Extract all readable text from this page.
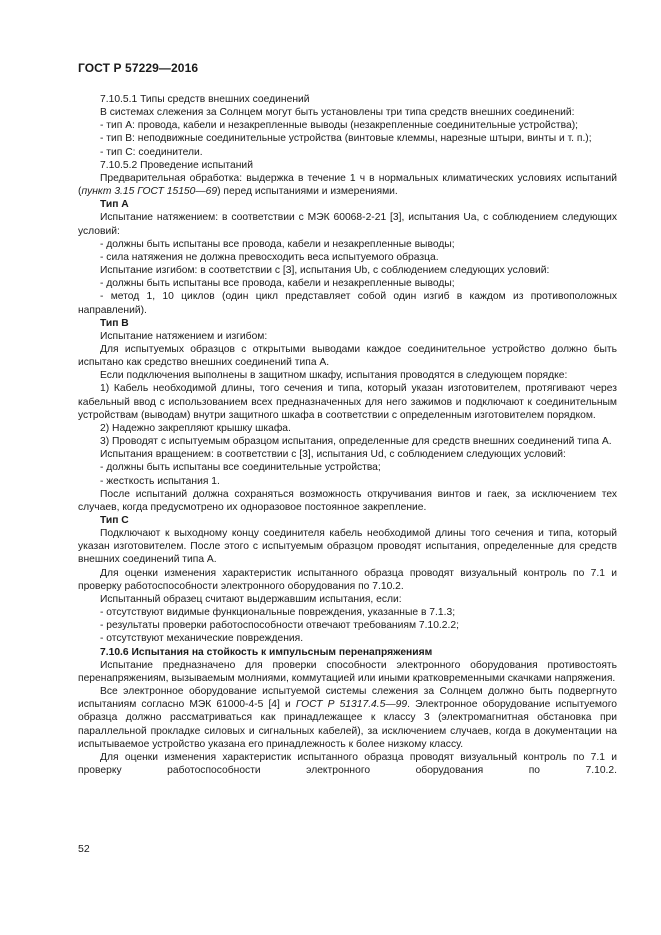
ГОСТ Р 57229—2016

7.10.5.1 Типы средств внешних соединений

В системах слежения за Солнцем могут быть установлены три типа средств внешних соединений:

- тип А: провода, кабели и незакрепленные выводы (незакрепленные соединительные устройства);

- тип В: неподвижные соединительные устройства (винтовые клеммы, нарезные штыри, винты и т. п.);

- тип С: соединители.

7.10.5.2 Проведение испытаний

Предварительная обработка: выдержка в течение 1 ч в нормальных климатических условиях испытаний (пункт 3.15 ГОСТ 15150—69) перед испытаниями и измерениями.

Тип А

Испытание натяжением: в соответствии с МЭК 60068-2-21 [3], испытания Ua, с соблюдением следующих условий:

- должны быть испытаны все провода, кабели и незакрепленные выводы;

- сила натяжения не должна превосходить веса испытуемого образца.

Испытание изгибом: в соответствии с [3], испытания Ub, с соблюдением следующих условий:

- должны быть испытаны все провода, кабели и незакрепленные выводы;

- метод 1, 10 циклов (один цикл представляет собой один изгиб в каждом из противоположных направлений).

Тип В

Испытание натяжением и изгибом:

Для испытуемых образцов с открытыми выводами каждое соединительное устройство должно быть испытано как средство внешних соединений типа А.

Если подключения выполнены в защитном шкафу, испытания проводятся в следующем порядке:

1) Кабель необходимой длины, того сечения и типа, который указан изготовителем, протягивают через кабельный ввод с использованием всех предназначенных для него зажимов и подключают к соединительным устройствам (выводам) внутри защитного шкафа в соответствии с определенным изготовителем порядком.

2) Надежно закрепляют крышку шкафа.

3) Проводят с испытуемым образцом испытания, определенные для средств внешних соединений типа А.

Испытания вращением: в соответствии с [3], испытания Ud, с соблюдением следующих условий:

- должны быть испытаны все соединительные устройства;

- жесткость испытания 1.

После испытаний должна сохраняться возможность откручивания винтов и гаек, за исключением тех случаев, когда предусмотрено их одноразовое постоянное закрепление.

Тип С

Подключают к выходному концу соединителя кабель необходимой длины того сечения и типа, который указан изготовителем. После этого с испытуемым образцом проводят испытания, определенные для средств внешних соединений типа А.

Для оценки изменения характеристик испытанного образца проводят визуальный контроль по 7.1 и проверку работоспособности электронного оборудования по 7.10.2.

Испытанный образец считают выдержавшим испытания, если:

- отсутствуют видимые функциональные повреждения, указанные в 7.1.3;

- результаты проверки работоспособности отвечают требованиям 7.10.2.2;

- отсутствуют механические повреждения.

7.10.6 Испытания на стойкость к импульсным перенапряжениям

Испытание предназначено для проверки способности электронного оборудования противостоять перенапряжениям, вызываемым молниями, коммутацией или иными кратковременными скачками напряжения.

Все электронное оборудование испытуемой системы слежения за Солнцем должно быть подвергнуто испытаниям согласно МЭК 61000-4-5 [4] и ГОСТ Р 51317.4.5—99. Электронное оборудование испытуемого образца должно рассматриваться как принадлежащее к классу 3 (электромагнитная обстановка при параллельной прокладке силовых и сигнальных кабелей), за исключением случаев, когда в документации на испытываемое устройство указана его принадлежность к более низкому классу.

Для оценки изменения характеристик испытанного образца проводят визуальный контроль по 7.1 и проверку работоспособности электронного оборудования по 7.10.2.

52
